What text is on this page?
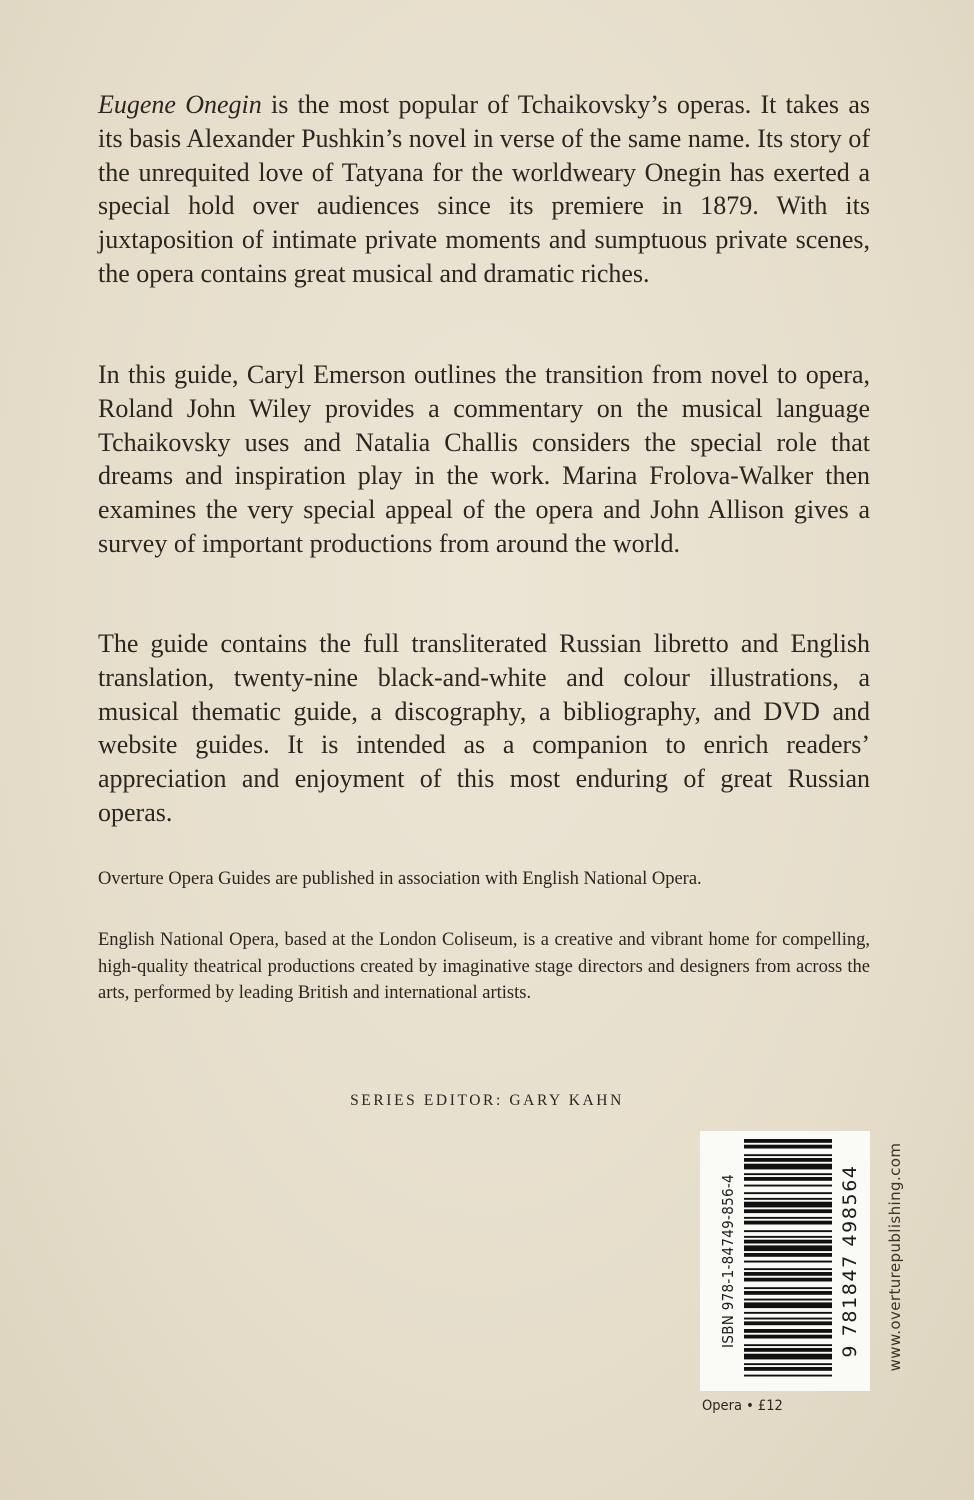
Eugene Onegin is the most popular of Tchaikovsky’s operas. It takes as its basis Alexander Pushkin’s novel in verse of the same name. Its story of the unrequited love of Tatyana for the worldweary Onegin has exerted a special hold over audiences since its premiere in 1879. With its juxtaposition of intimate private moments and sumptuous private scenes, the opera contains great musical and dramatic riches.

In this guide, Caryl Emerson outlines the transition from novel to opera, Roland John Wiley provides a commentary on the musical language Tchaikovsky uses and Natalia Challis considers the special role that dreams and inspiration play in the work. Marina Frolova-Walker then examines the very special appeal of the opera and John Allison gives a survey of important productions from around the world.

The guide contains the full transliterated Russian libretto and English translation, twenty-nine black-and-white and colour illustrations, a musical thematic guide, a discography, a bibliography, and DVD and website guides. It is intended as a companion to enrich readers’ appreciation and enjoyment of this most enduring of great Russian operas.

Overture Opera Guides are published in association with English National Opera.

English National Opera, based at the London Coliseum, is a creative and vibrant home for compelling, high-quality theatrical productions created by imaginative stage directors and designers from across the arts, performed by leading British and international artists.

SERIES EDITOR: GARY KAHN
ISBN 978-1-84749-856-4	9 781847 498564 www.overturepublishing.com
Opera • £12
